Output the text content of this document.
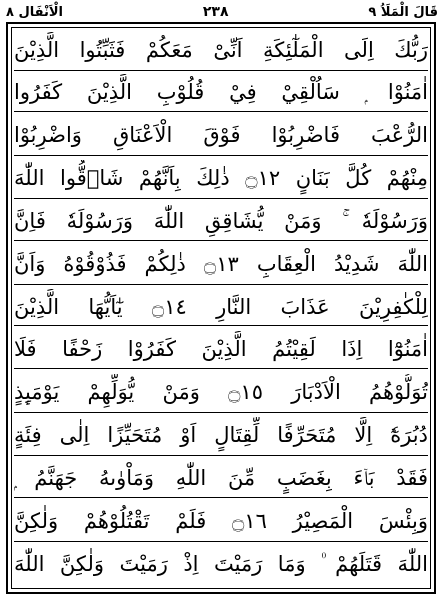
قَالَ الْمَلَاُ ٩
٢٣٨
الْاَنْفَال ٨
رَبُّكَ اِلَى الْمَلٰٓئِكَةِ اَنِّىْ مَعَكُمْ فَثَبِّتُوا الَّذِيْنَ
اٰمَنُوْا ۭ سَاُلْقِيْ فِيْ قُلُوْبِ الَّذِيْنَ كَفَرُوا
الرُّعْبَ فَاضْرِبُوْا فَوْقَ الْاَعْنَاقِ وَاضْرِبُوْا
مِنْهُمْ كُلَّ بَنَانٍ ۝١٢ ذٰلِكَ بِاَنَّهُمْ شَاۤقُّوا اللّٰهَ
وَرَسُوْلَهٗ ۚ وَمَنْ يُّشَاقِقِ اللّٰهَ وَرَسُوْلَهٗ فَاِنَّ
اللّٰهَ شَدِيْدُ الْعِقَابِ ۝١٣ ذٰلِكُمْ فَذُوْقُوْهُ وَاَنَّ
لِلْكٰفِرِيْنَ عَذَابَ النَّارِ ۝١٤ يٰٓاَيُّهَا الَّذِيْنَ
اٰمَنُوْٓا اِذَا لَقِيْتُمُ الَّذِيْنَ كَفَرُوْا زَحْفًا فَلَا
تُوَلُّوْهُمُ الْاَدْبَارَ ۝١٥ وَمَنْ يُّوَلِّهِمْ يَوْمَىِٕذٍ
دُبُرَهٗٓ اِلَّا مُتَحَرِّفًا لِّقِتَالٍ اَوْ مُتَحَيِّزًا اِلٰى فِئَةٍ
فَقَدْ بَاۤءَ بِغَضَبٍ مِّنَ اللّٰهِ وَمَاْوٰىهُ جَهَنَّمُ ۭ
وَبِئْسَ الْمَصِيْرُ ۝١٦ فَلَمْ تَقْتُلُوْهُمْ وَلٰكِنَّ
اللّٰهَ قَتَلَهُمْ ۠ وَمَا رَمَيْتَ اِذْ رَمَيْتَ وَلٰكِنَّ اللّٰهَ
